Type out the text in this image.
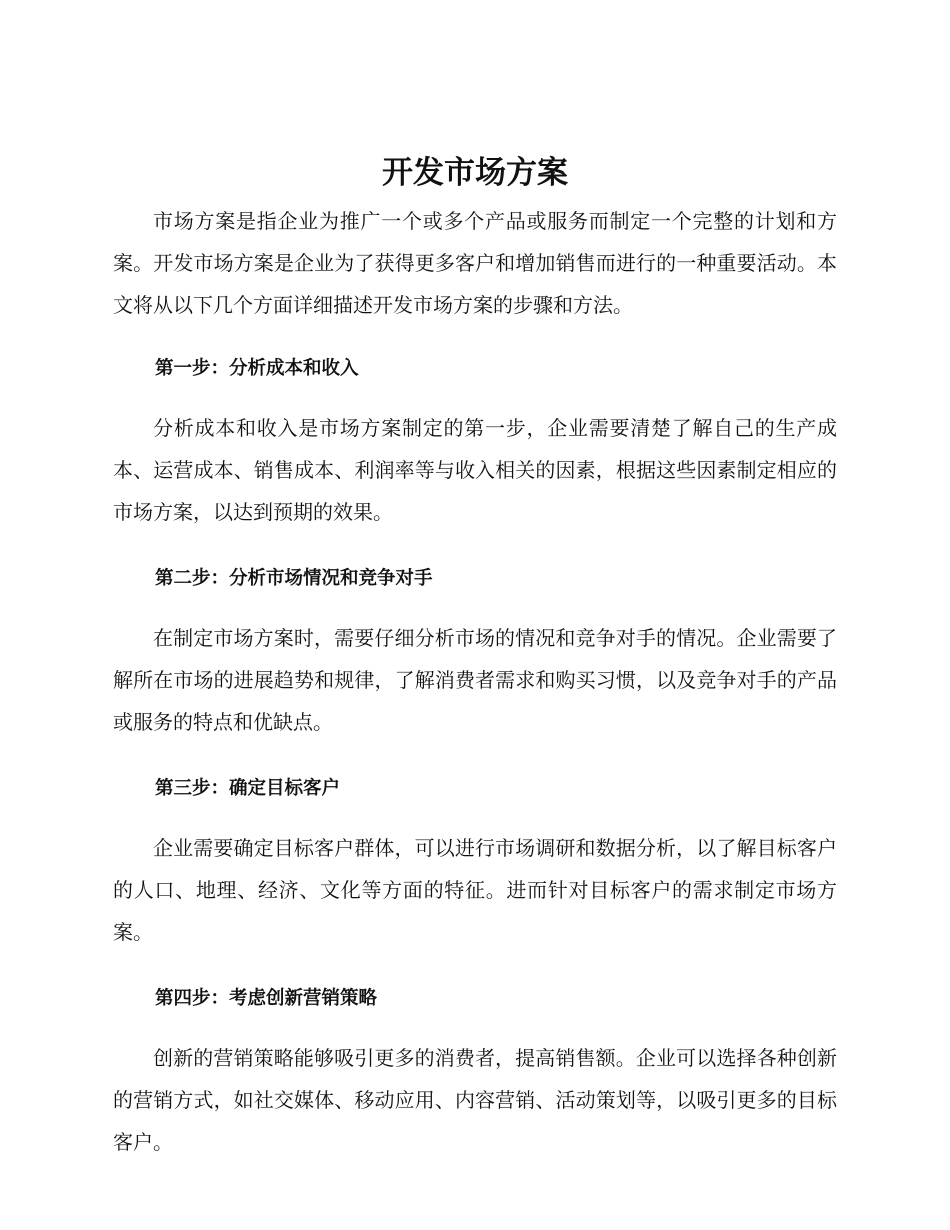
开发市场方案

市场方案是指企业为推广一个或多个产品或服务而制定一个完整的计划和方案。开发市场方案是企业为了获得更多客户和增加销售而进行的一种重要活动。本文将从以下几个方面详细描述开发市场方案的步骤和方法。

第一步：分析成本和收入

分析成本和收入是市场方案制定的第一步，企业需要清楚了解自己的生产成本、运营成本、销售成本、利润率等与收入相关的因素，根据这些因素制定相应的市场方案，以达到预期的效果。

第二步：分析市场情况和竞争对手

在制定市场方案时，需要仔细分析市场的情况和竞争对手的情况。企业需要了解所在市场的进展趋势和规律，了解消费者需求和购买习惯，以及竞争对手的产品或服务的特点和优缺点。

第三步：确定目标客户

企业需要确定目标客户群体，可以进行市场调研和数据分析，以了解目标客户的人口、地理、经济、文化等方面的特征。进而针对目标客户的需求制定市场方案。

第四步：考虑创新营销策略

创新的营销策略能够吸引更多的消费者，提高销售额。企业可以选择各种创新的营销方式，如社交媒体、移动应用、内容营销、活动策划等，以吸引更多的目标客户。
